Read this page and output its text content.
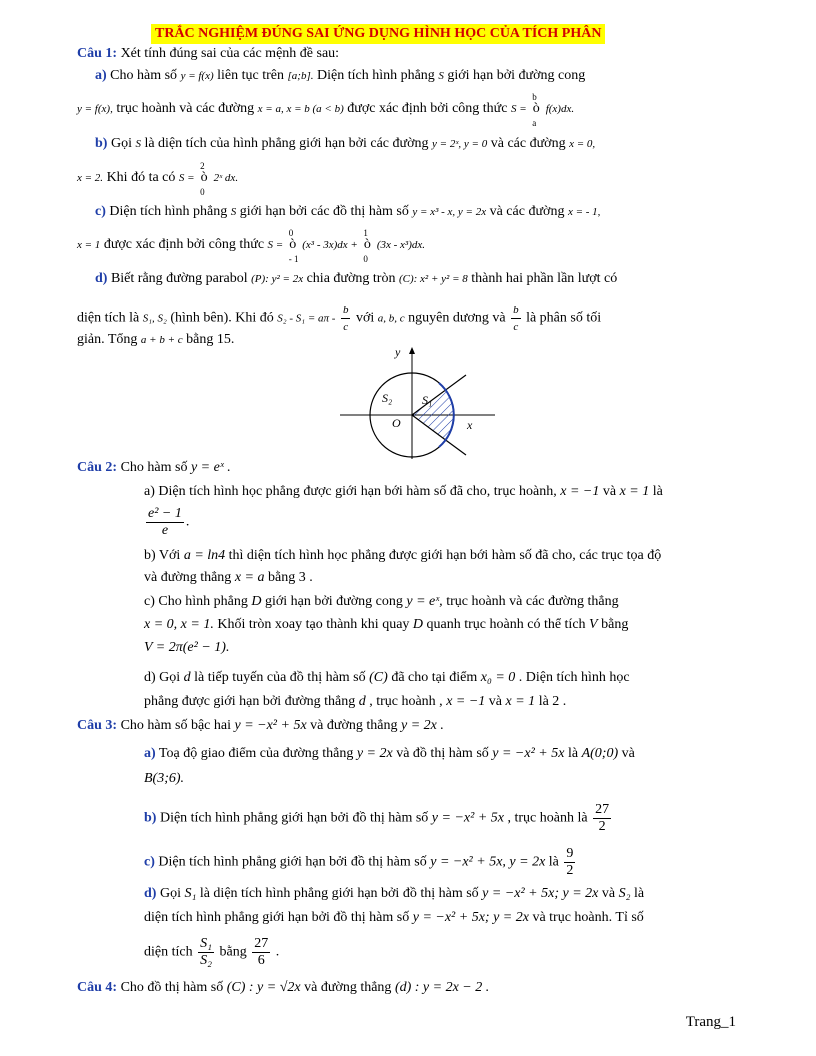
TRẮC NGHIỆM ĐÚNG SAI ỨNG DỤNG HÌNH HỌC CỦA TÍCH PHÂN
Câu 1: Xét tính đúng sai của các mệnh đề sau:
a) Cho hàm số y = f(x) liên tục trên [a;b]. Diện tích hình phẳng S giới hạn bởi đường cong
y = f(x), trục hoành và các đường x = a, x = b (a < b) được xác định bởi công thức S = ò
b
a
f(x)dx.
b) Gọi S là diện tích của hình phẳng giới hạn bởi các đường y = 2ˣ, y = 0 và các đường x = 0,
x = 2. Khi đó ta có S = ò
2
0
2ˣ dx.
c) Diện tích hình phẳng S giới hạn bởi các đồ thị hàm số y = x³ - x, y = 2x và các đường x = - 1,
x = 1 được xác định bởi công thức S = ò
0
- 1
(x³ - 3x)dx + ò
1
0
(3x - x³)dx.
d) Biết rằng đường parabol (P): y² = 2x chia đường tròn (C): x² + y² = 8 thành hai phần lần lượt có
diện tích là S₁, S₂ (hình bên). Khi đó $S_2 - S_1 = a\pi - \frac{b}{c}$ với a, b, c nguyên dương và $\frac{b}{c}$ là phân số tối
giản. Tổng a + b + c bằng 15.
y
x
O
S₂ S₁
Câu 2: Cho hàm số y = eˣ .
a) Diện tích hình học phẳng được giới hạn bới hàm số đã cho, trục hoành, x = −1 và x = 1 là
$\frac{\text{e² − 1}}{e}$ .
b) Với a = ln4 thì diện tích hình học phẳng được giới hạn bới hàm số đã cho, các trục tọa độ
và đường thẳng x = a bằng 3 .
c) Cho hình phẳng D giới hạn bởi đường cong y = eˣ, trục hoành và các đường thẳng
x = 0, x = 1. Khối tròn xoay tạo thành khi quay D quanh trục hoành có thể tích V bằng
V = 2π(e² − 1).
d) Gọi d là tiếp tuyến của đồ thị hàm số (C) đã cho tại điểm x₀ = 0 . Diện tích hình học
phẳng được giới hạn bởi đường thẳng d , trục hoành , x = −1 và x = 1 là 2 .
Câu 3: Cho hàm số bậc hai y = −x² + 5x và đường thẳng y = 2x .
a) Toạ độ giao điểm của đường thẳng y = 2x và đồ thị hàm số y = −x² + 5x là A(0;0) và
B(3;6).
b) Diện tích hình phẳng giới hạn bởi đồ thị hàm số y = −x² + 5x , trục hoành là $\frac{27}{2}$
c) Diện tích hình phẳng giới hạn bởi đồ thị hàm số y = −x² + 5x, y = 2x là $\frac{9}{2}$
d) Gọi S₁ là diện tích hình phẳng giới hạn bởi đồ thị hàm số y = −x² + 5x; y = 2x và S₂ là
diện tích hình phẳng giới hạn bởi đồ thị hàm số y = −x² + 5x; y = 2x và trục hoành. Tỉ số
diện tích $\frac{\text{S₁}}{\text{S₂}}$ bằng $\frac{27}{6}$ .
Câu 4: Cho đồ thị hàm số (C) : y = √2x và đường thẳng (d) : y = 2x − 2 .
Trang_1
